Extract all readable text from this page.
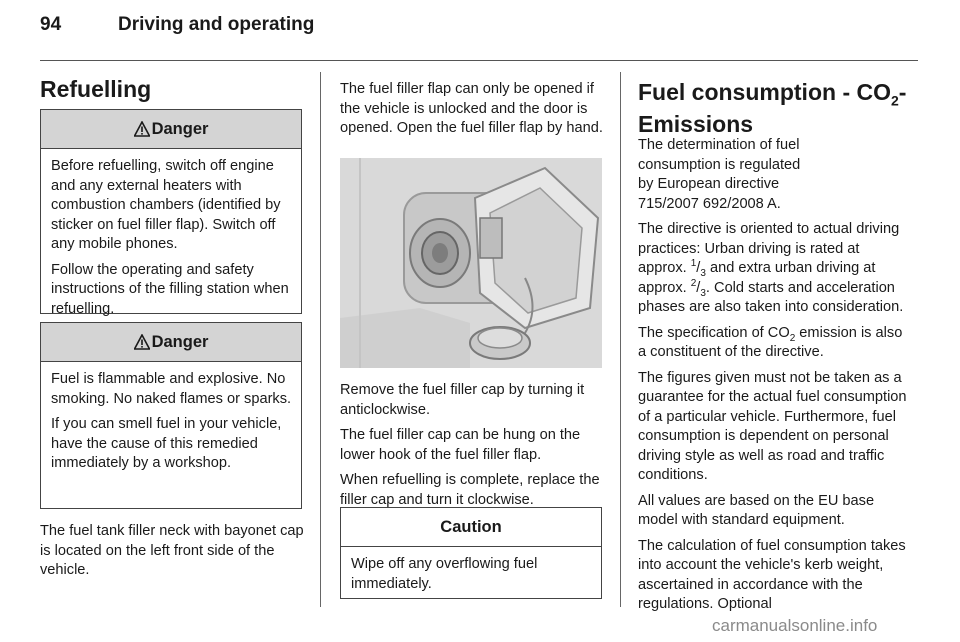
94	Driving and operating
Refuelling
Danger

Before refuelling, switch off engine and any external heaters with combustion chambers (identified by sticker on fuel filler flap). Switch off any mobile phones.

Follow the operating and safety instructions of the filling station when refuelling.

Danger

Fuel is flammable and explosive. No smoking. No naked flames or sparks.

If you can smell fuel in your vehicle, have the cause of this remedied immediately by a workshop.

The fuel tank filler neck with bayonet cap is located on the left front side of the vehicle.

The fuel filler flap can only be opened if the vehicle is unlocked and the door is opened. Open the fuel filler flap by hand.

Remove the fuel filler cap by turning it anticlockwise.

The fuel filler cap can be hung on the lower hook of the fuel filler flap.

When refuelling is complete, replace the filler cap and turn it clockwise.

Caution

Wipe off any overflowing fuel immediately.

Fuel consumption - $CO_2-$
Emissions

The determination of fuel consumption is regulated by European directive 715/2007 692/2008 A.

The directive is oriented to actual driving practices: Urban driving is rated at approx. $^1/_3$ and extra urban driving at approx. $^2/_3$. Cold starts and acceleration phases are also taken into consideration.

The specification of $CO_2$ emission is also a constituent of the directive.

The figures given must not be taken as a guarantee for the actual fuel consumption of a particular vehicle. Furthermore, fuel consumption is dependent on personal driving style as well as road and traffic conditions.

All values are based on the EU base model with standard equipment.

The calculation of fuel consumption takes into account the vehicle's kerb weight, ascertained in accordance with the regulations. Optional

carmanualsonline.info
